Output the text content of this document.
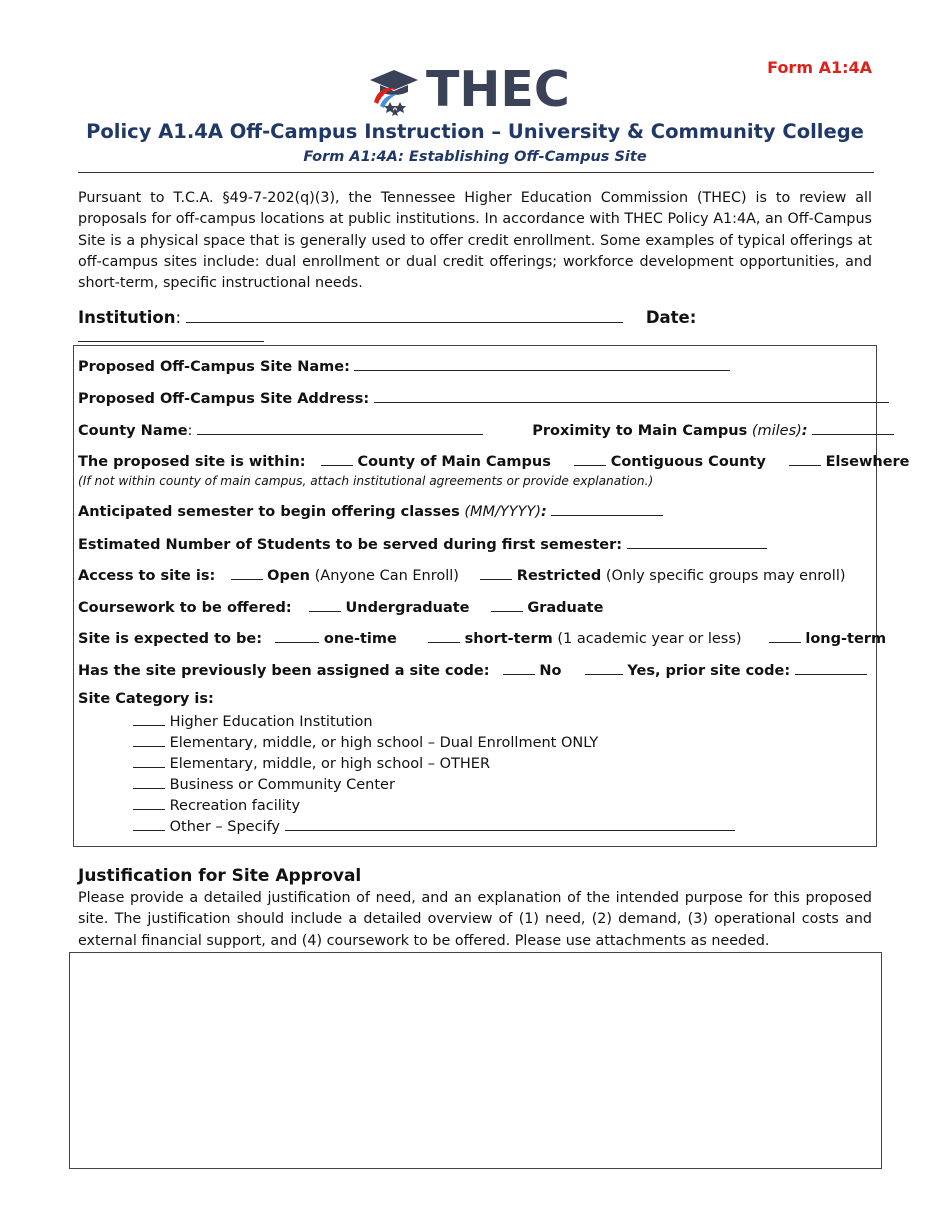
Form A1:4A
THEC
Policy A1.4A Off-Campus Instruction – University & Community College
Form A1:4A: Establishing Off-Campus Site
Pursuant to T.C.A. §49-7-202(q)(3), the Tennessee Higher Education Commission (THEC) is to review all proposals for off-campus locations at public institutions. In accordance with THEC Policy A1:4A, an Off-Campus Site is a physical space that is generally used to offer credit enrollment. Some examples of typical offerings at off-campus sites include: dual enrollment or dual credit offerings; workforce development opportunities, and short-term, specific instructional needs.
Institution:	Date:
Proposed Off-Campus Site Name:
Proposed Off-Campus Site Address:
County Name:	Proximity to Main Campus (miles):
The proposed site is within:	County of Main Campus	Contiguous County	Elsewhere
(If not within county of main campus, attach institutional agreements or provide explanation.)
Anticipated semester to begin offering classes (MM/YYYY):
Estimated Number of Students to be served during first semester:
Access to site is:	Open (Anyone Can Enroll)	Restricted (Only specific groups may enroll)
Coursework to be offered:	Undergraduate	Graduate
Site is expected to be:	one-time	short-term (1 academic year or less)	long-term
Has the site previously been assigned a site code:	No	Yes, prior site code:
Site Category is:
Higher Education Institution
Elementary, middle, or high school – Dual Enrollment ONLY
Elementary, middle, or high school – OTHER
Business or Community Center
Recreation facility
Other – Specify
Justification for Site Approval
Please provide a detailed justification of need, and an explanation of the intended purpose for this proposed site. The justification should include a detailed overview of (1) need, (2) demand, (3) operational costs and external financial support, and (4) coursework to be offered. Please use attachments as needed.
